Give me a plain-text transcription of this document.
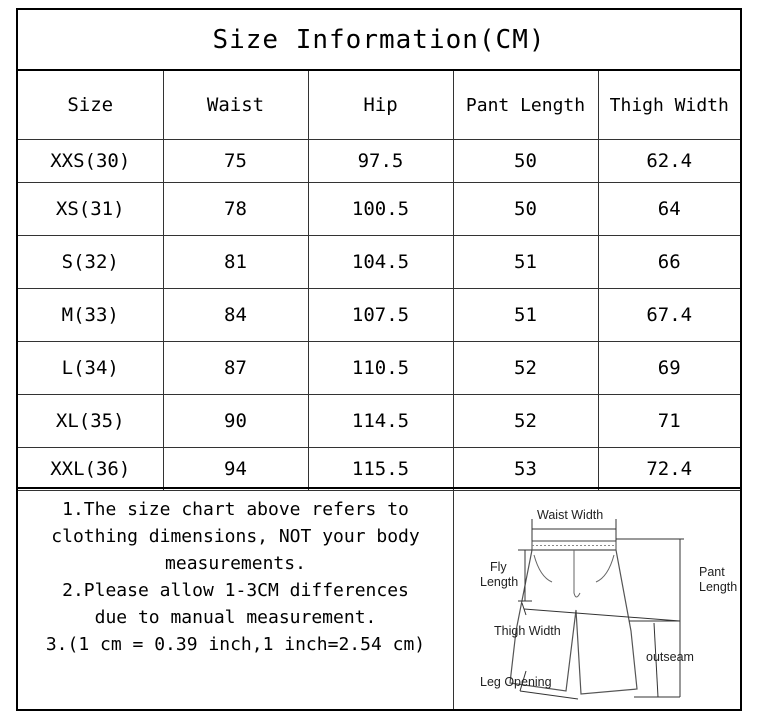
Size Information(CM)
Size	Waist	Hip	Pant Length	Thigh Width
XXS(30)	75	97.5	50	62.4
XS(31)	78	100.5	50	64
S(32)	81	104.5	51	66
M(33)	84	107.5	51	67.4
L(34)	87	110.5	52	69
XL(35)	90	114.5	52	71
XXL(36)	94	115.5	53	72.4
1.The size chart above refers to
clothing dimensions, NOT your body
measurements.
2.Please allow 1-3CM differences
due to manual measurement.
3.(1 cm = 0.39 inch,1 inch=2.54 cm)
Waist Width
Fly
Length
Thigh Width
Leg Opening
outseam
Pant
Length
